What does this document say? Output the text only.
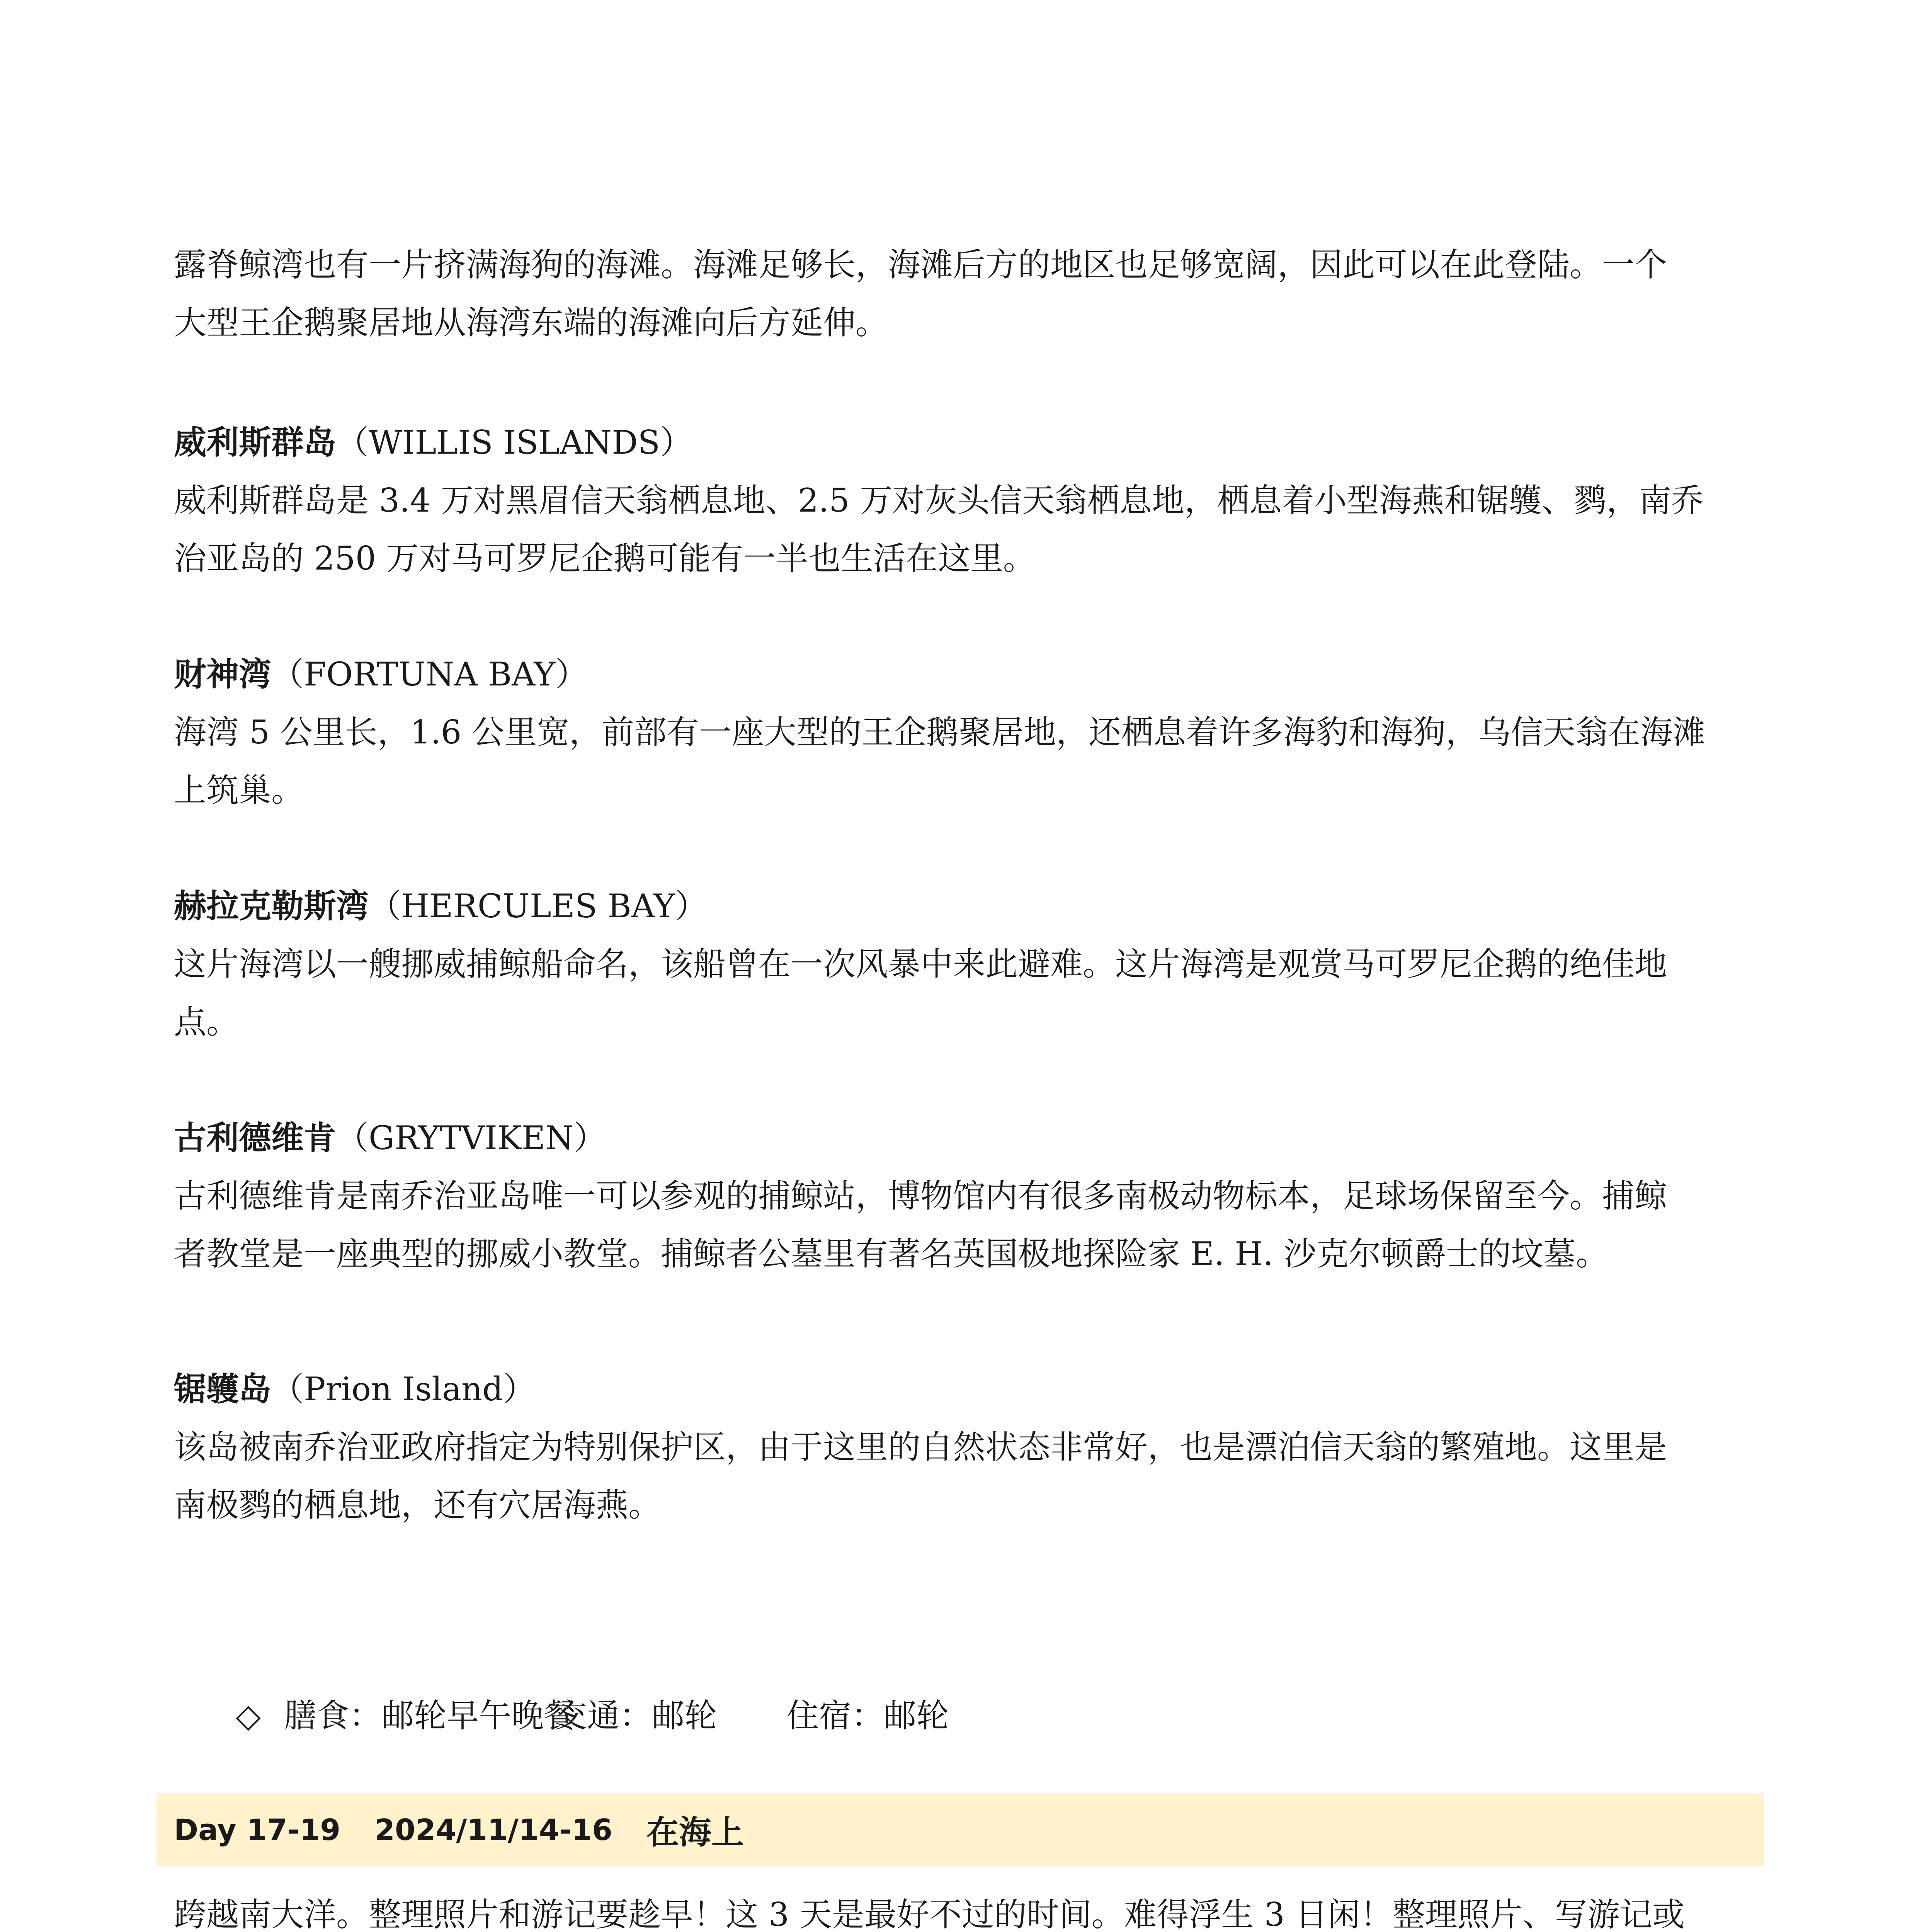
露脊鲸湾也有一片挤满海狗的海滩。海滩足够长，海滩后方的地区也足够宽阔，因此可以在此登陆。一个

大型王企鹅聚居地从海湾东端的海滩向后方延伸。

威利斯群岛（WILLIS ISLANDS）

威利斯群岛是 3.4 万对黑眉信天翁栖息地、2.5 万对灰头信天翁栖息地，栖息着小型海燕和锯鹱、鹨，南乔

治亚岛的 250 万对马可罗尼企鹅可能有一半也生活在这里。

财神湾（FORTUNA BAY）

海湾 5 公里长，1.6 公里宽，前部有一座大型的王企鹅聚居地，还栖息着许多海豹和海狗，乌信天翁在海滩

上筑巢。

赫拉克勒斯湾（HERCULES BAY）

这片海湾以一艘挪威捕鲸船命名，该船曾在一次风暴中来此避难。这片海湾是观赏马可罗尼企鹅的绝佳地

点。

古利德维肯（GRYTVIKEN）

古利德维肯是南乔治亚岛唯一可以参观的捕鲸站，博物馆内有很多南极动物标本，足球场保留至今。捕鲸

者教堂是一座典型的挪威小教堂。捕鲸者公墓里有著名英国极地探险家 E. H. 沙克尔顿爵士的坟墓。

锯鹱岛（Prion Island）

该岛被南乔治亚政府指定为特别保护区，由于这里的自然状态非常好，也是漂泊信天翁的繁殖地。这里是

南极鹨的栖息地，还有穴居海燕。

◇ 膳食：邮轮早午晚餐交通：邮轮 住宿：邮轮

Day 17-19 2024/11/14-16 在海上

跨越南大洋。整理照片和游记要趁早！这 3 天是最好不过的时间。难得浮生 3 日闲！整理照片、写游记或
